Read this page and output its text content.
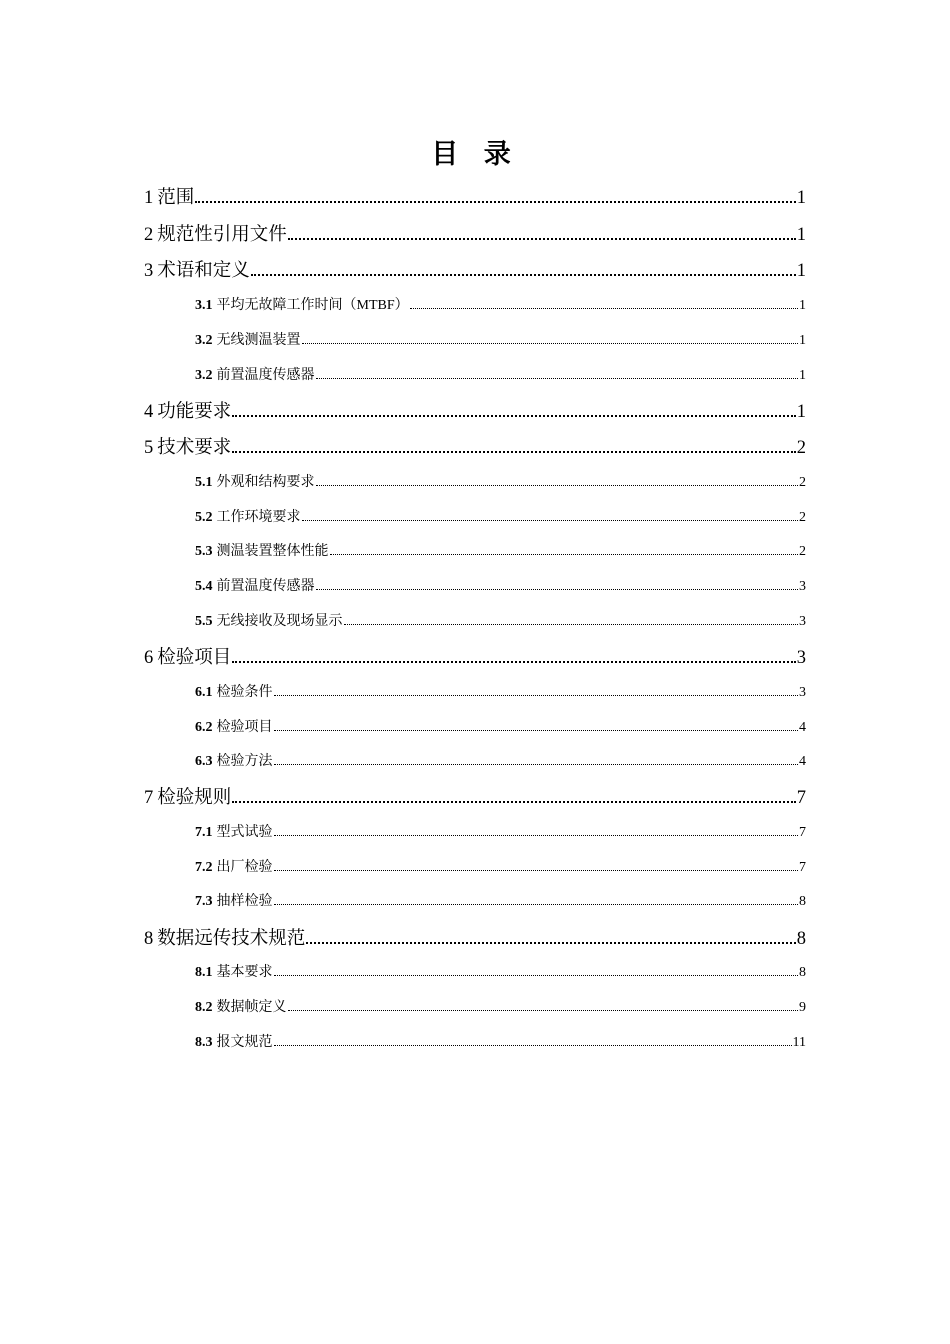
目 录
1 范围	1
2 规范性引用文件	1
3 术语和定义	1
3.1 平均无故障工作时间（MTBF）	1
3.2 无线测温装置	1
3.2 前置温度传感器	1
4 功能要求	1
5 技术要求	2
5.1 外观和结构要求	2
5.2 工作环境要求	2
5.3 测温装置整体性能	2
5.4 前置温度传感器	3
5.5 无线接收及现场显示	3
6 检验项目	3
6.1 检验条件	3
6.2 检验项目	4
6.3 检验方法	4
7 检验规则	7
7.1 型式试验	7
7.2 出厂检验	7
7.3 抽样检验	8
8 数据远传技术规范	8
8.1 基本要求	8
8.2 数据帧定义	9
8.3 报文规范	11
